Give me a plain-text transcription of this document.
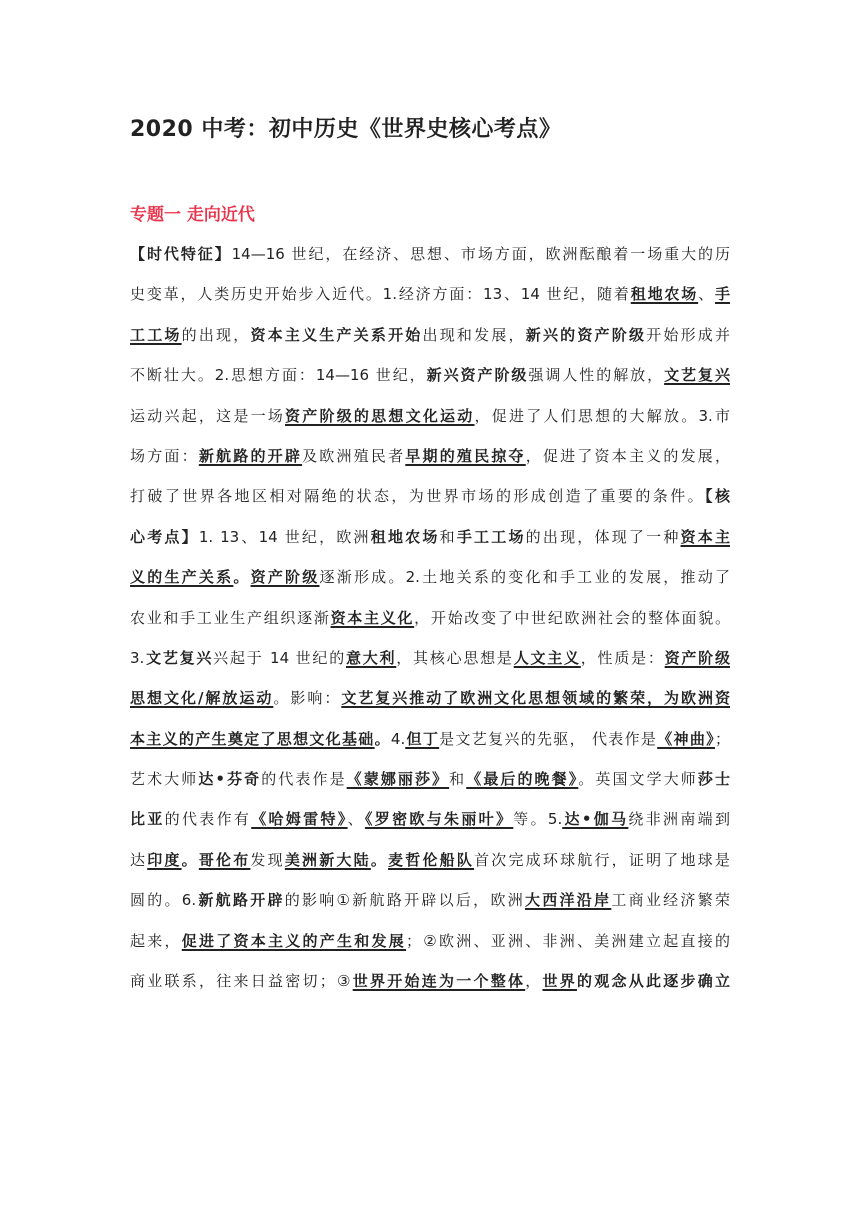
2020 中考：初中历史《世界史核心考点》
专题一 走向近代
【时代特征】14—16 世纪，在经济、思想、市场方面，欧洲酝酿着一场重大的历
史变革，人类历史开始步入近代。1.经济方面：13、14 世纪，随着租地农场、手
工工场的出现，资本主义生产关系开始出现和发展，新兴的资产阶级开始形成并
不断壮大。2.思想方面：14—16 世纪，新兴资产阶级强调人性的解放，文艺复兴
运动兴起，这是一场资产阶级的思想文化运动，促进了人们思想的大解放。3.市
场方面：新航路的开辟及欧洲殖民者早期的殖民掠夺，促进了资本主义的发展，
打破了世界各地区相对隔绝的状态，为世界市场的形成创造了重要的条件。【核
心考点】1. 13、14 世纪，欧洲租地农场和手工工场的出现，体现了一种资本主
义的生产关系。资产阶级逐渐形成。2.土地关系的变化和手工业的发展，推动了
农业和手工业生产组织逐渐资本主义化，开始改变了中世纪欧洲社会的整体面貌。
3.文艺复兴兴起于 14 世纪的意大利，其核心思想是人文主义，性质是：资产阶级
思想文化/解放运动。影响：文艺复兴推动了欧洲文化思想领域的繁荣，为欧洲资
本主义的产生奠定了思想文化基础。4.但丁是文艺复兴的先驱， 代表作是《神曲》；
艺术大师达•芬奇的代表作是《蒙娜丽莎》和《最后的晚餐》。英国文学大师莎士
比亚的代表作有《哈姆雷特》、《罗密欧与朱丽叶》等。5.达•伽马绕非洲南端到
达印度。哥伦布发现美洲新大陆。麦哲伦船队首次完成环球航行，证明了地球是
圆的。6.新航路开辟的影响①新航路开辟以后，欧洲大西洋沿岸工商业经济繁荣
起来，促进了资本主义的产生和发展；②欧洲、亚洲、非洲、美洲建立起直接的
商业联系，往来日益密切；③世界开始连为一个整体，世界的观念从此逐步确立
